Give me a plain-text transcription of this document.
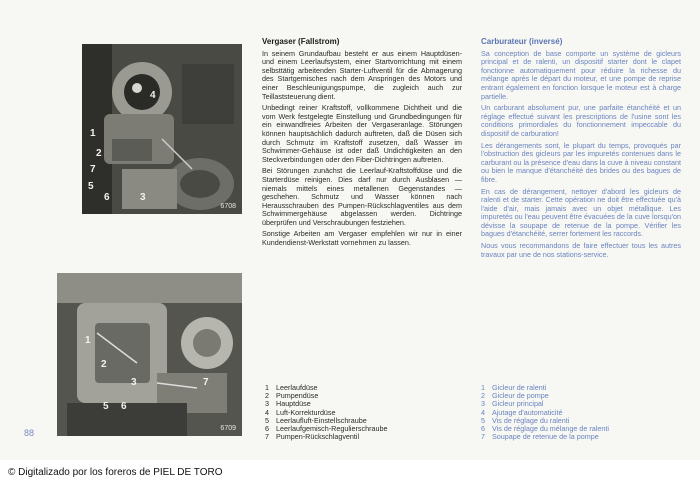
4
1
2
7
5
6	3
6708
1
2
3	7
5 6
6709
Vergaser (Fallstrom)

In seinem Grundaufbau besteht er aus einem Hauptdüsen- und einem Leerlaufsystem, einer Startvorrichtung mit einem selbsttätig arbeitenden Starter-Luftventil für die Abmagerung des Startgemisches nach dem Anspringen des Motors und einer Beschleunigungspumpe, die zugleich auch zur Teillaststeuerung dient.

Unbedingt reiner Kraftstoff, vollkommene Dichtheit und die vom Werk festgelegte Einstellung und Grundbedingungen für ein einwandfreies Arbeiten der Vergaseranlage. Störungen können hauptsächlich dadurch auftreten, daß die Düsen sich durch Schmutz im Kraftstoff zusetzen, daß Wasser im Schwimmer-Gehäuse ist oder daß Undichtigkeiten an den Steckverbindungen oder den Fiber-Dichtringen auftreten.

Bei Störungen zunächst die Leerlauf-Kraftstoffdüse und die Starterdüse reinigen. Dies darf nur durch Ausblasen — niemals mittels eines metallenen Gegenstandes — geschehen. Schmutz und Wasser können nach Herausschrauben des Pumpen-Rückschlagventiles aus dem Schwimmergehäuse abgelassen werden. Dichtringe überprüfen und Verschraubungen festziehen.

Sonstige Arbeiten am Vergaser empfehlen wir nur in einer Kundendienst-Werkstatt vornehmen zu lassen.

Carburateur (inversé)

Sa conception de base comporte un système de gicleurs principal et de ralenti, un dispositif starter dont le clapet fonctionne automatiquement pour réduire la richesse du mélange après le départ du moteur, et une pompe de reprise entrant également en fonction lorsque le moteur est à charge partielle.

Un carburant absolument pur, une parfaite étanchéité et un réglage effectué suivant les prescriptions de l'usine sont les conditions primordiales du fonctionnement impeccable du dispositif de carburation!

Les dérangements sont, le plupart du temps, provoqués par l'obstruction des gicleurs par les impuretés contenues dans le carburant ou la présence d'eau dans la cuve à niveau constant ou bien le manque d'étanchéité des brides ou des bagues de fibre.

En cas de dérangement, nettoyer d'abord les gicleurs de ralenti et de starter. Cette opération ne doit être effectuée qu'à l'aide d'air, mais jamais avec un objet métallique. Les impuretés ou l'eau peuvent être évacuées de la cuve lorsqu'on dévisse la soupape de retenue de la pompe. Vérifier les bagues d'étanchéité, serrer fortement les raccords.

Nous vous recommandons de faire effectuer tous les autres travaux par une de nos stations-service.

1 Leerlaufdüse
2 Pumpendüse
3 Hauptdüse
4 Luft-Korrekturdüse
5 Leerlaufluft-Einstellschraube
6 Leerlaufgemisch-Regulierschraube
7 Pumpen-Rückschlagventil
1 Gicleur de ralenti
2 Gicleur de pompe
3 Gicleur principal
4 Ajutage d'automaticité
5 Vis de réglage du ralenti
6 Vis de réglage du mélange de ralenti
7 Soupape de retenue de la pompe
88
© Digitalizado por los foreros de PIEL DE TORO
